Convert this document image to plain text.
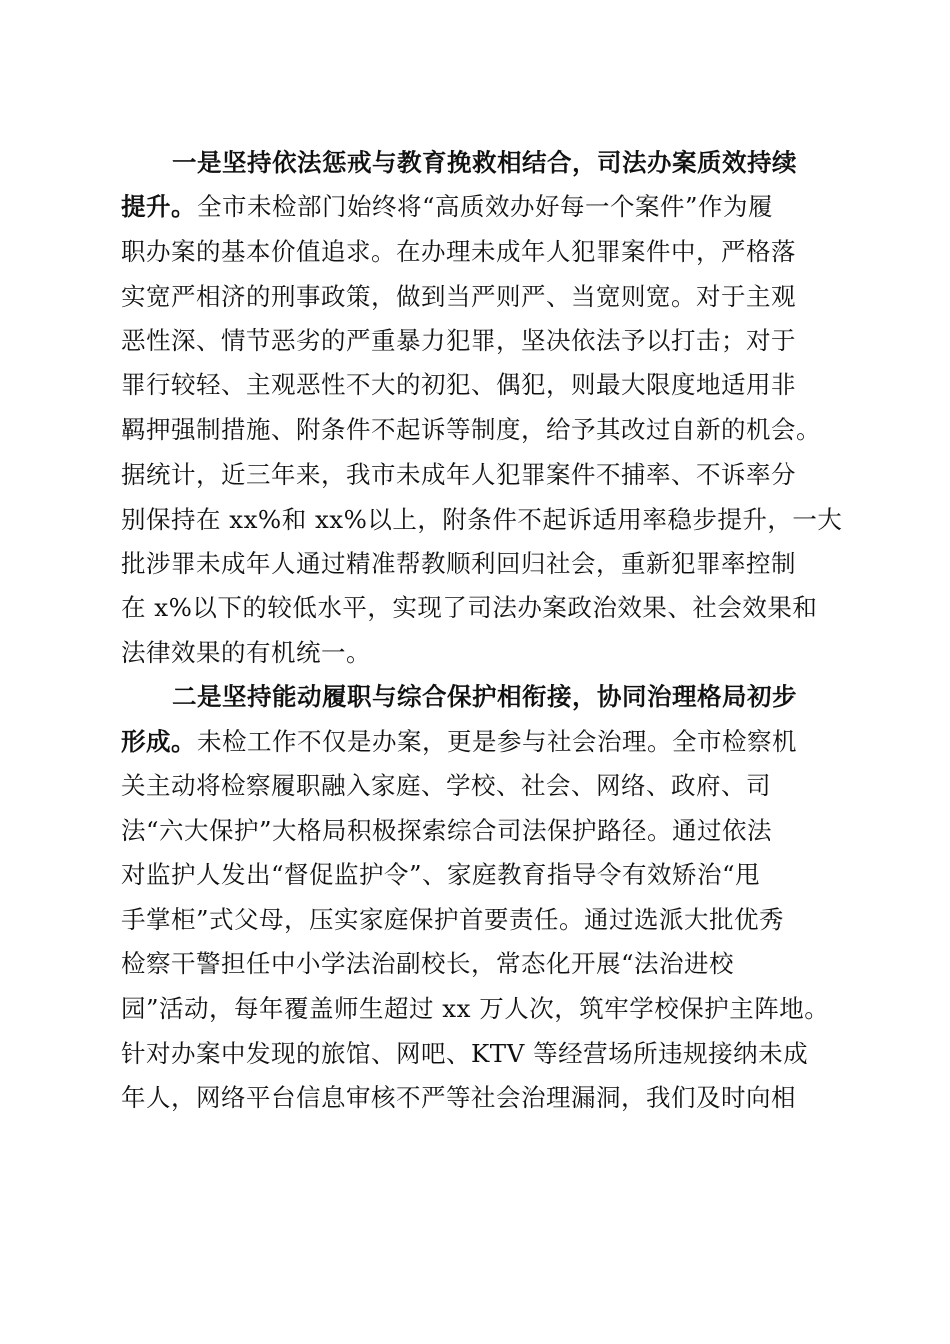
一是坚持依法惩戒与教育挽救相结合，司法办案质效持续
提升。 全市未检部门始终将“高质效办好每一个案件”作为履
职办案的基本价值追求。在办理未成年人犯罪案件中，严格落
实宽严相济的刑事政策，做到当严则严、当宽则宽。对于主观
恶性深、情节恶劣的严重暴力犯罪，坚决依法予以打击；对于
罪行较轻、主观恶性不大的初犯、偶犯，则最大限度地适用非
羁押强制措施、附条件不起诉等制度，给予其改过自新的机会。
据统计，近三年来，我市未成年人犯罪案件不捕率、不诉率分
别保持在 xx%和 xx%以上，附条件不起诉适用率稳步提升，一大
批涉罪未成年人通过精准帮教顺利回归社会，重新犯罪率控制
在 x%以下的较低水平，实现了司法办案政治效果、社会效果和
法律效果的有机统一。
二是坚持能动履职与综合保护相衔接，协同治理格局初步
形成。 未检工作不仅是办案，更是参与社会治理。全市检察机
关主动将检察履职融入家庭、学校、社会、网络、政府、司
法“六大保护”大格局积极探索综合司法保护路径。通过依法
对监护人发出“督促监护令”、家庭教育指导令有效矫治“甩
手掌柜”式父母，压实家庭保护首要责任。通过选派大批优秀
检察干警担任中小学法治副校长，常态化开展“法治进校
园”活动，每年覆盖师生超过 xx 万人次，筑牢学校保护主阵地。
针对办案中发现的旅馆、网吧、KTV 等经营场所违规接纳未成
年人，网络平台信息审核不严等社会治理漏洞，我们及时向相
